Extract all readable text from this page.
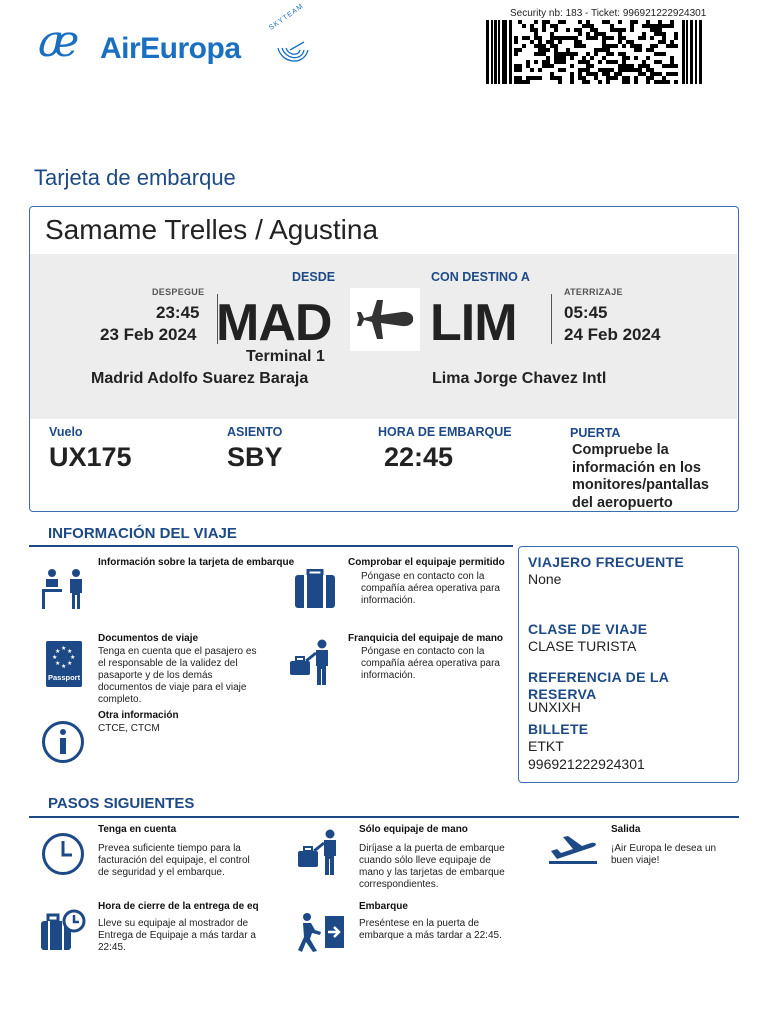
æ AirEuropa
SKYTEAM	Security nb: 183 - Ticket: 996921222924301
Tarjeta de embarque
Samame Trelles / Agustina
DESDE	CON DESTINO A
DESPEGUE
23:45
23 Feb 2024 MAD LIM
ATERRIZAJE
05:45
24 Feb 2024
Terminal 1
Madrid Adolfo Suarez Baraja	Lima Jorge Chavez Intl
Vuelo
UX175
ASIENTO
SBY
HORA DE EMBARQUE
22:45
PUERTA
Compruebe la
información en los
monitores/pantallas
del aeropuerto
INFORMACIÓN DEL VIAJE
Información sobre la tarjeta de embarque	Comprobar el equipaje permitido
Póngase en contacto con la
compañía aérea operativa para
información.
★
★ ★
★ ★
★ ★
★
Passport
Documentos de viaje
Tenga en cuenta que el pasajero es
el responsable de la validez del
pasaporte y de los demás
documentos de viaje para el viaje
completo.
Franquicia del equipaje de mano
Póngase en contacto con la
compañía aérea operativa para
información.
Otra información
CTCE, CTCM
VIAJERO FRECUENTE
None
CLASE DE VIAJE
CLASE TURISTA
REFERENCIA DE LA
RESERVA
UNXIXH
BILLETE
ETKT
996921222924301
PASOS SIGUIENTES
Tenga en cuenta
Prevea suficiente tiempo para la
facturación del equipaje, el control
de seguridad y el embarque.
Sólo equipaje de mano
Diríjase a la puerta de embarque
cuando sólo lleve equipaje de
mano y las tarjetas de embarque
correspondientes.
Salida
¡Air Europa le desea un
buen viaje!
Hora de cierre de la entrega de eq
Lleve su equipaje al mostrador de
Entrega de Equipaje a más tardar a
22:45.
Embarque
Preséntese en la puerta de
embarque a más tardar a 22:45.
